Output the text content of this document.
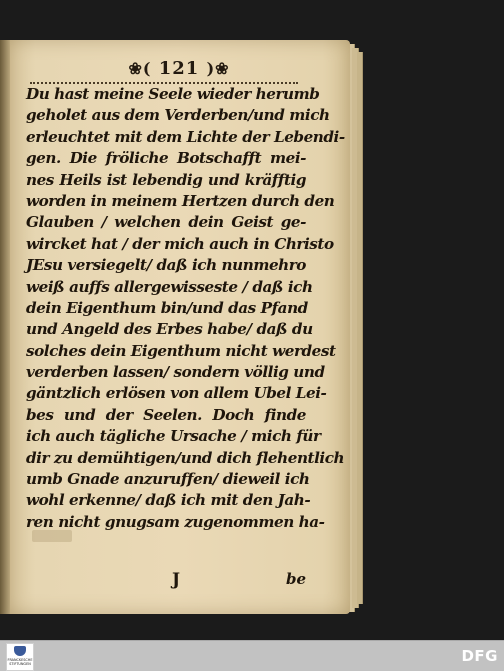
❀( 121 )❀
Du hast meine Seele wieder herumb
geholet aus dem Verderben/und mich
erleuchtet mit dem Lichte der Lebendi-
gen. Die frölichе Botschafft mei-
nes Heils ist lebendig und kräfftig
worden in meinem Hertzen durch den
Glauben / welchen dein Geist ge-
wircket hat / der mich auch in Christo
JEsu versiegelt/ daß ich nunmehro
weiß auffs allergewisseste / daß ich
dein Eigenthum bin/und das Pfand
und Angeld des Erbes habe/ daß du
solches dein Eigenthum nicht werdest
verderben lassen/ sondern völlig und
gäntzlich erlösen von allem Ubel Lei-
bes und der Seelen. Doch finde
ich auch tägliche Ursache / mich für
dir zu demühtigen/und dich flehentlich
umb Gnade anzuruffen/ dieweil ich
wohl erkenne/ daß ich mit den Jah-
ren nicht gnugsam zugenommen ha-
J	be
FRANCKESCHE STIFTUNGEN	DFG
